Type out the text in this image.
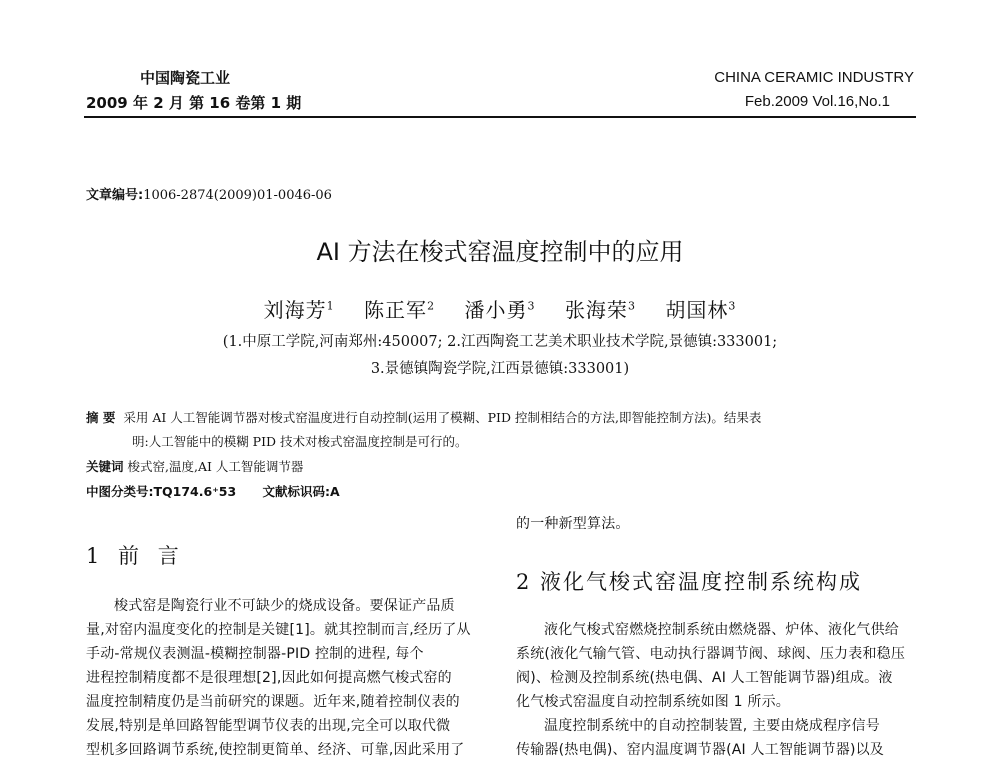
中国陶瓷工业
2009 年 2 月 第 16 卷第 1 期
CHINA CERAMIC INDUSTRY
Feb.2009 Vol.16,No.1
文章编号:1006-2874(2009)01-0046-06
AI 方法在梭式窑温度控制中的应用
刘海芳$^1$ 陈正军$^2$ 潘小勇$^3$ 张海荣$^3$ 胡国林$^3$
(1.中原工学院,河南郑州:450007; 2.江西陶瓷工艺美术职业技术学院,景德镇:333001;
3.景德镇陶瓷学院,江西景德镇:333001)
摘 要 采用 AI 人工智能调节器对梭式窑温度进行自动控制(运用了模糊、PID 控制相结合的方法,即智能控制方法)。结果表
明:人工智能中的模糊 PID 技术对梭式窑温度控制是可行的。
关键词 梭式窑,温度,AI 人工智能调节器
中图分类号:TQ174.6⁺53 文献标识码:A
1 前 言
梭式窑是陶瓷行业不可缺少的烧成设备。要保证产品质
量,对窑内温度变化的控制是关键[1]。就其控制而言,经历了从
手动-常规仪表测温-模糊控制器-PID 控制的进程, 每个
进程控制精度都不是很理想[2],因此如何提高燃气梭式窑的
温度控制精度仍是当前研究的课题。近年来,随着控制仪表的
发展,特别是单回路智能型调节仪表的出现,完全可以取代微
型机多回路调节系统,使控制更简单、经济、可靠,因此采用了
的一种新型算法。
2 液化气梭式窑温度控制系统构成
液化气梭式窑燃烧控制系统由燃烧器、炉体、液化气供给
系统(液化气输气管、电动执行器调节阀、球阀、压力表和稳压
阀)、检测及控制系统(热电偶、AI 人工智能调节器)组成。液
化气梭式窑温度自动控制系统如图 1 所示。
温度控制系统中的自动控制装置, 主要由烧成程序信号
传输器(热电偶)、窑内温度调节器(AI 人工智能调节器)以及
